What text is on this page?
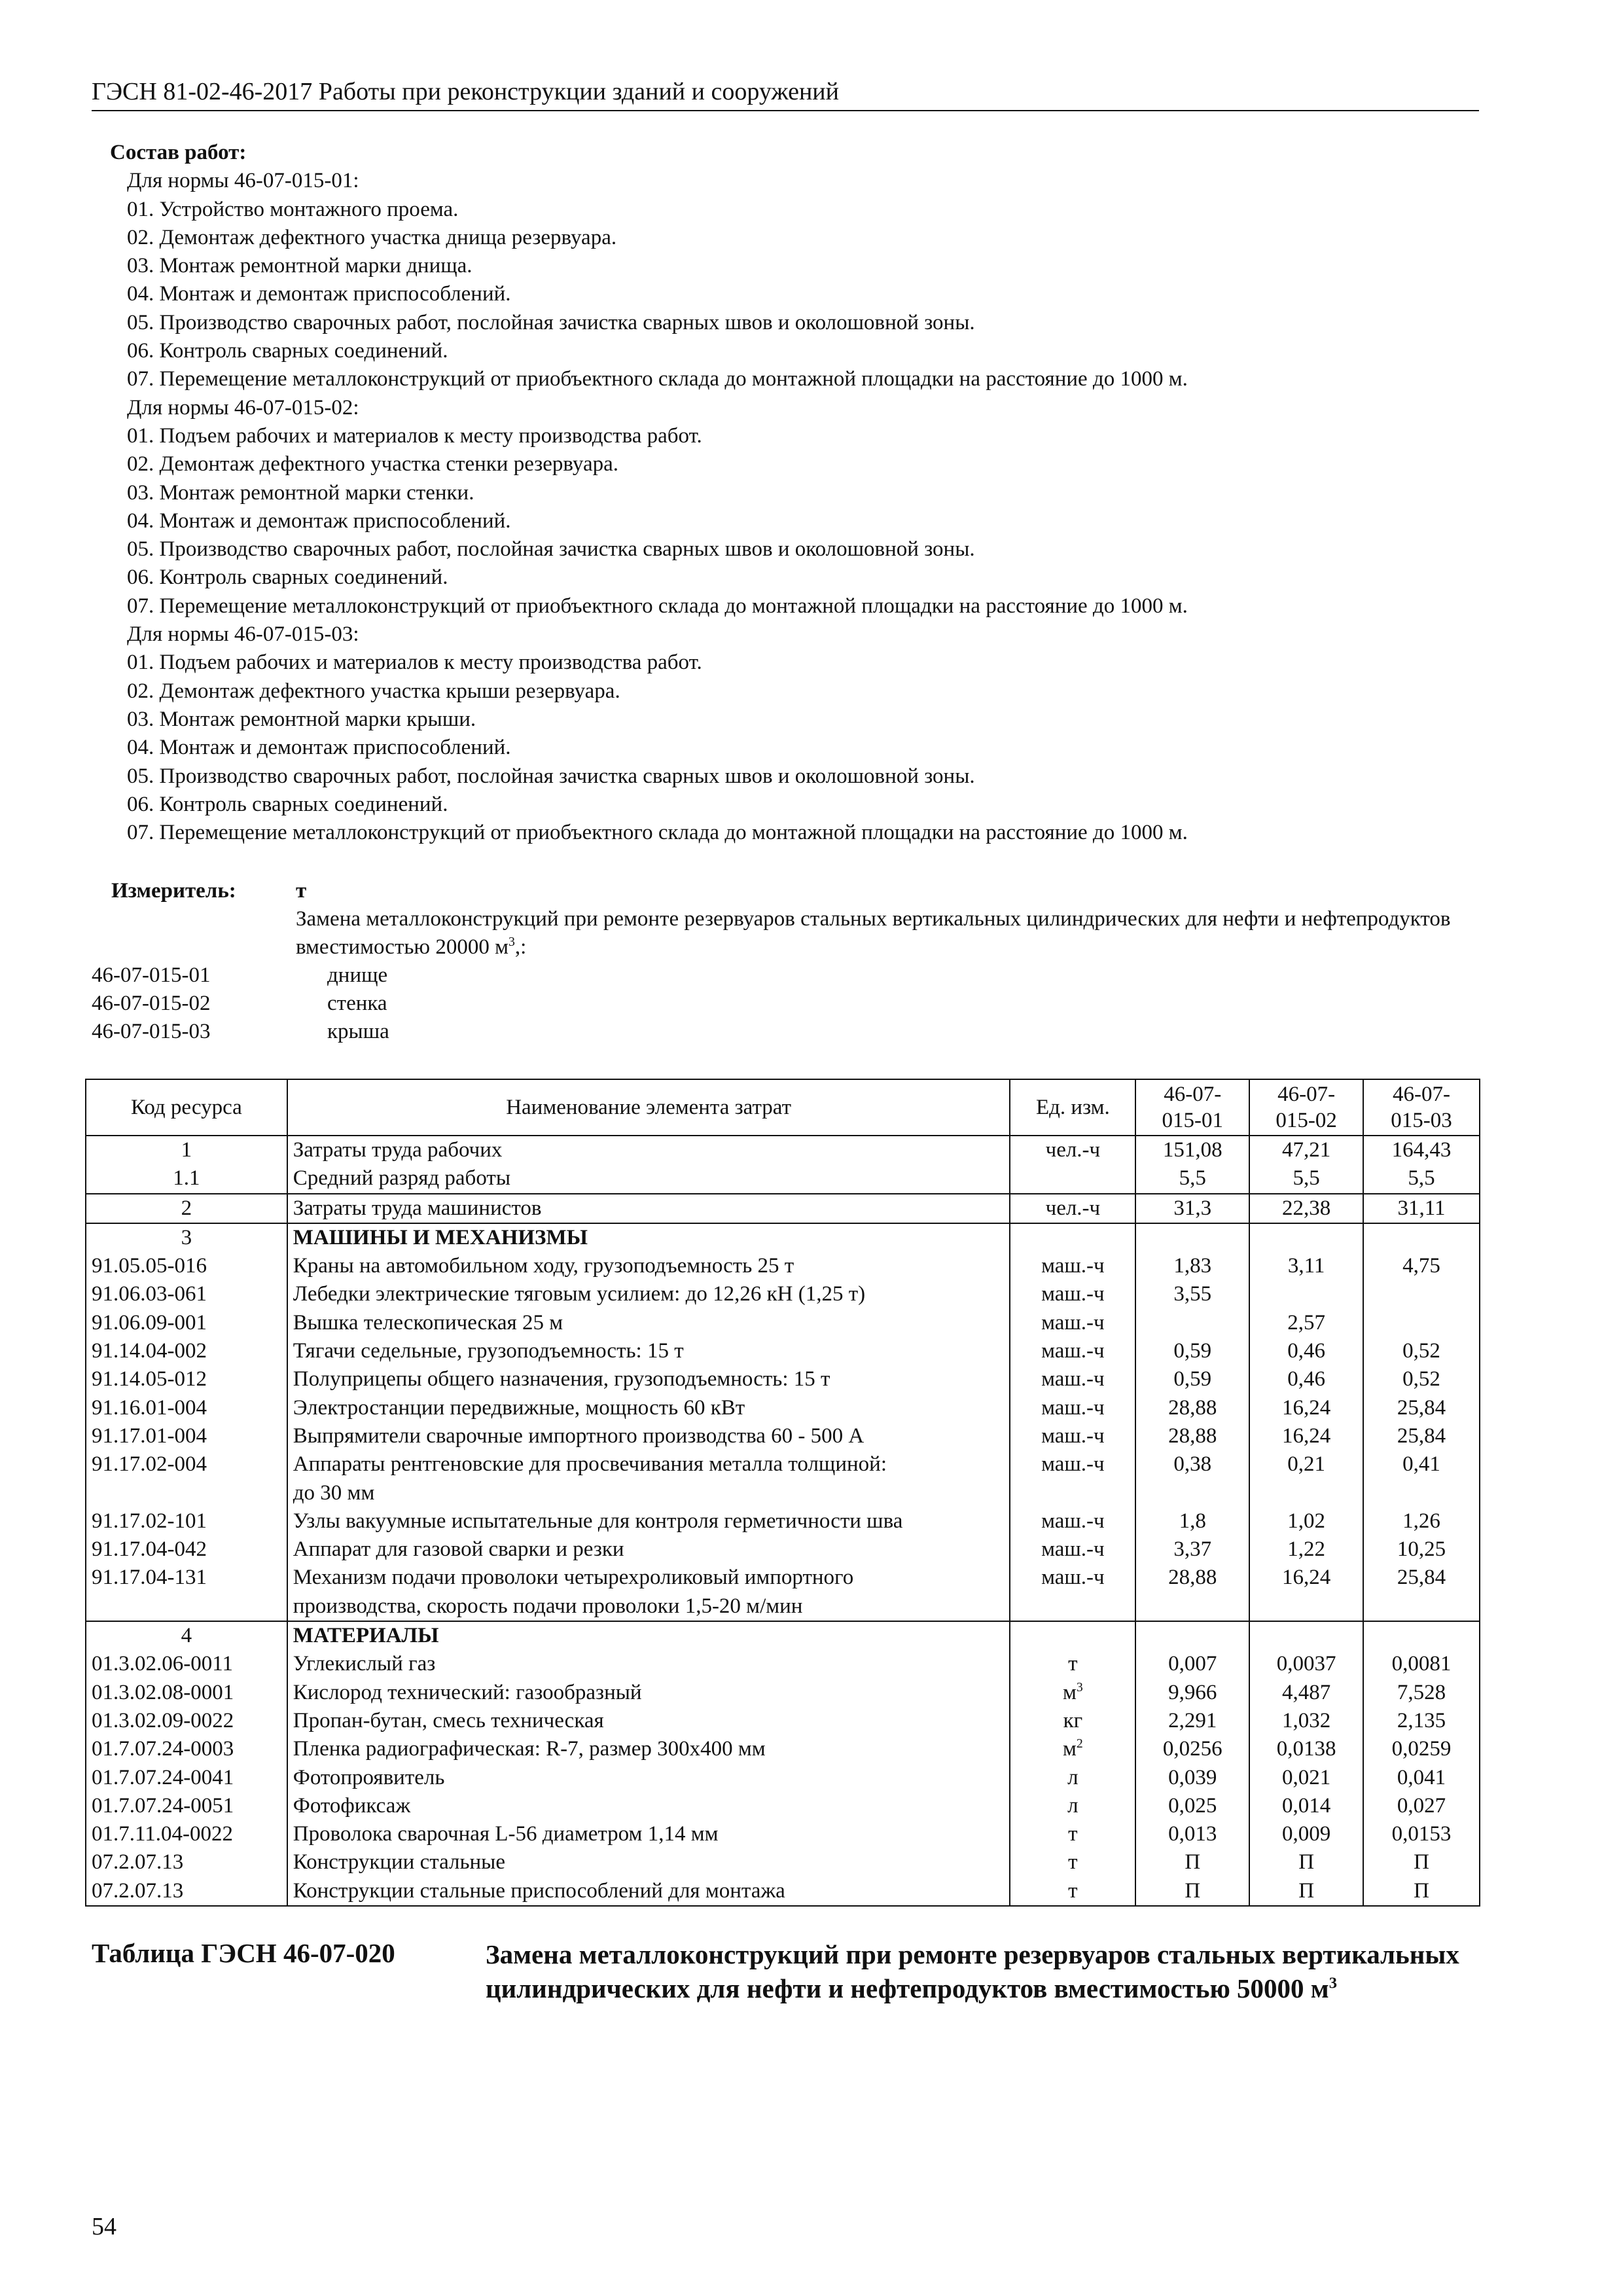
ГЭСН 81-02-46-2017 Работы при реконструкции зданий и сооружений
Состав работ:
Для нормы 46-07-015-01:
01. Устройство монтажного проема.
02. Демонтаж дефектного участка днища резервуара.
03. Монтаж ремонтной марки днища.
04. Монтаж и демонтаж приспособлений.
05. Производство сварочных работ, послойная зачистка сварных швов и околошовной зоны.
06. Контроль сварных соединений.
07. Перемещение металлоконструкций от приобъектного склада до монтажной площадки на расстояние до 1000 м.
Для нормы 46-07-015-02:
01. Подъем рабочих и материалов к месту производства работ.
02. Демонтаж дефектного участка стенки резервуара.
03. Монтаж ремонтной марки стенки.
04. Монтаж и демонтаж приспособлений.
05. Производство сварочных работ, послойная зачистка сварных швов и околошовной зоны.
06. Контроль сварных соединений.
07. Перемещение металлоконструкций от приобъектного склада до монтажной площадки на расстояние до 1000 м.
Для нормы 46-07-015-03:
01. Подъем рабочих и материалов к месту производства работ.
02. Демонтаж дефектного участка крыши резервуара.
03. Монтаж ремонтной марки крыши.
04. Монтаж и демонтаж приспособлений.
05. Производство сварочных работ, послойная зачистка сварных швов и околошовной зоны.
06. Контроль сварных соединений.
07. Перемещение металлоконструкций от приобъектного склада до монтажной площадки на расстояние до 1000 м.
Измеритель:	т
Замена металлоконструкций при ремонте резервуаров стальных вертикальных цилиндрических для нефти и нефтепродуктов вместимостью 20000 $м^3$,:
46-07-015-01	днище
46-07-015-02	стенка
46-07-015-03	крыша
Код ресурса	Наименование элемента затрат	Ед. изм.	46-07-
015-01	46-07-
015-02	46-07-
015-03
1	Затраты труда рабочих	чел.-ч	151,08	47,21	164,43
1.1	Средний разряд работы		5,5	5,5	5,5
2	Затраты труда машинистов	чел.-ч	31,3	22,38	31,11
3	МАШИНЫ И МЕХАНИЗМЫ				
91.05.05-016	Краны на автомобильном ходу, грузоподъемность 25 т	маш.-ч	1,83	3,11	4,75
91.06.03-061	Лебедки электрические тяговым усилием: до 12,26 кН (1,25 т)	маш.-ч	3,55		
91.06.09-001	Вышка телескопическая 25 м	маш.-ч		2,57	
91.14.04-002	Тягачи седельные, грузоподъемность: 15 т	маш.-ч	0,59	0,46	0,52
91.14.05-012	Полуприцепы общего назначения, грузоподъемность: 15 т	маш.-ч	0,59	0,46	0,52
91.16.01-004	Электростанции передвижные, мощность 60 кВт	маш.-ч	28,88	16,24	25,84
91.17.01-004	Выпрямители сварочные импортного производства 60 - 500 А	маш.-ч	28,88	16,24	25,84
91.17.02-004	Аппараты рентгеновские для просвечивания металла толщиной:
до 30 мм	маш.-ч	0,38	0,21	0,41
91.17.02-101	Узлы вакуумные испытательные для контроля герметичности шва	маш.-ч	1,8	1,02	1,26
91.17.04-042	Аппарат для газовой сварки и резки	маш.-ч	3,37	1,22	10,25
91.17.04-131	Механизм подачи проволоки четырехроликовый импортного
производства, скорость подачи проволоки 1,5-20 м/мин	маш.-ч	28,88	16,24	25,84
4	МАТЕРИАЛЫ				
01.3.02.06-0011	Углекислый газ	т	0,007	0,0037	0,0081
01.3.02.08-0001	Кислород технический: газообразный	$м^3$	9,966	4,487	7,528
01.3.02.09-0022	Пропан-бутан, смесь техническая	кг	2,291	1,032	2,135
01.7.07.24-0003	Пленка радиографическая: R-7, размер 300х400 мм	$м^2$	0,0256	0,0138	0,0259
01.7.07.24-0041	Фотопроявитель	л	0,039	0,021	0,041
01.7.07.24-0051	Фотофиксаж	л	0,025	0,014	0,027
01.7.11.04-0022	Проволока сварочная L-56 диаметром 1,14 мм	т	0,013	0,009	0,0153
07.2.07.13	Конструкции стальные	т	П	П	П
07.2.07.13	Конструкции стальные приспособлений для монтажа	т	П	П	П
Таблица ГЭСН 46-07-020	Замена металлоконструкций при ремонте резервуаров стальных вертикальных цилиндрических для нефти и нефтепродуктов вместимостью 50000 $м^3$
54
